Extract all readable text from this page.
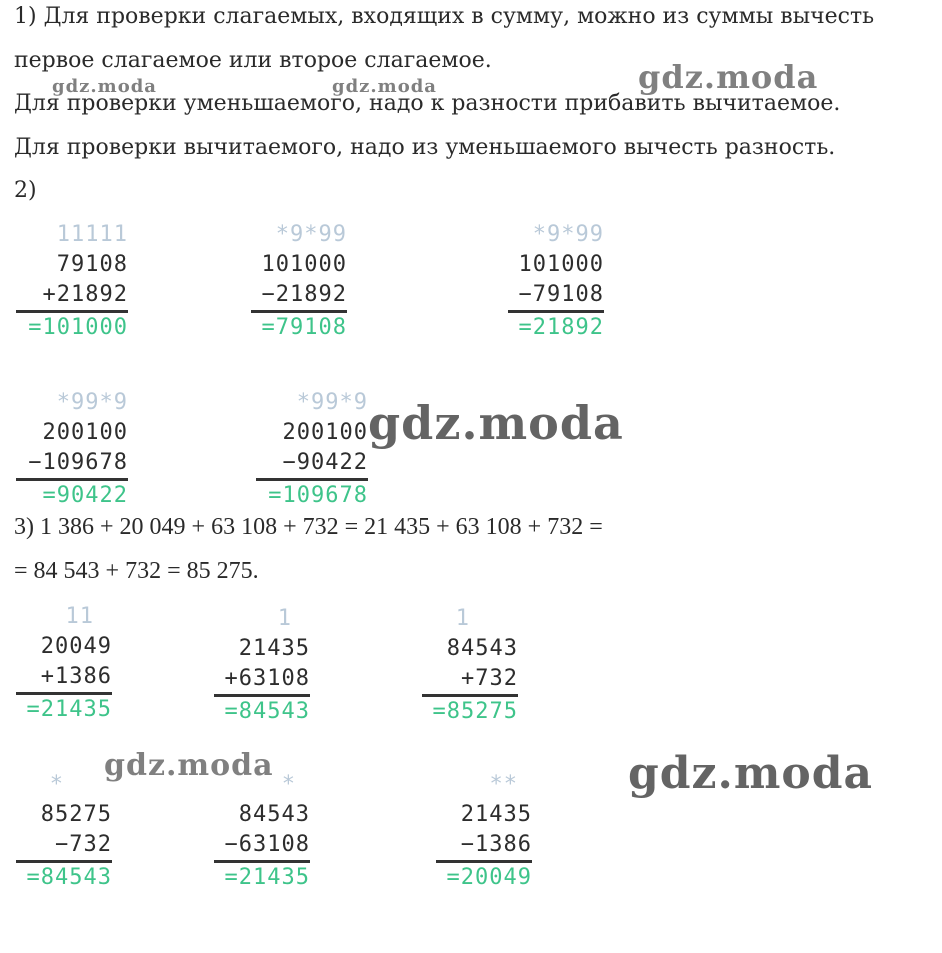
1) Для проверки слагаемых, входящих в сумму, можно из суммы вычесть
первое слагаемое или второе слагаемое.
Для проверки уменьшаемого, надо к разности прибавить вычитаемое.
Для проверки вычитаемого, надо из уменьшаемого вычесть разность.
2)
11111
79108
+21892
=101000
*9*99
101000
−21892
=79108
*9*99
101000
−79108
=21892
*99*9
200100
−109678
=90422
*99*9
200100
−90422
=109678
3) 1 386 + 20 049 + 63 108 + 732 = 21 435 + 63 108 + 732 =
= 84 543 + 732 = 85 275.
11
20049
+1386
=21435
1
21435
+63108
=84543
1
84543
+732
=85275
*
85275
−732
=84543
*
84543
−63108
=21435
**
21435
−1386
=20049
gdz.moda	gdz.moda	gdz.moda
gdz.moda
gdz.moda	gdz.moda
